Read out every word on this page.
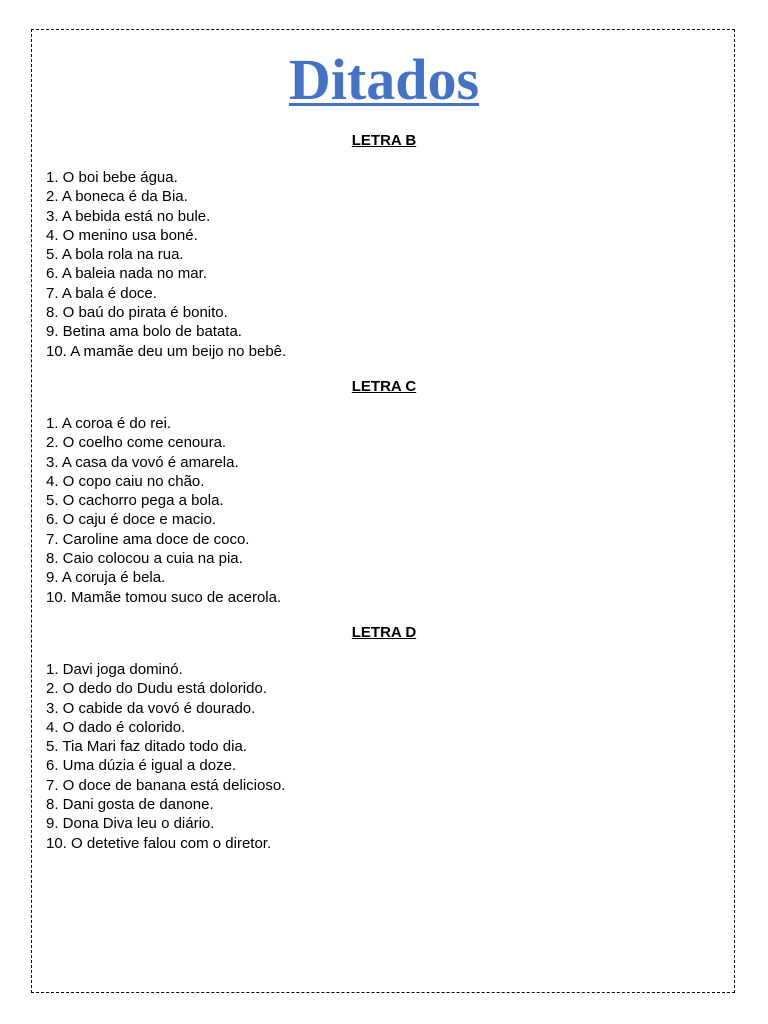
Ditados
LETRA B
1. O boi bebe água.
2. A boneca é da Bia.
3. A bebida está no bule.
4. O menino usa boné.
5. A bola rola na rua.
6. A baleia nada no mar.
7. A bala é doce.
8. O baú do pirata é bonito.
9. Betina ama bolo de batata.
10. A mamãe deu um beijo no bebê.
LETRA C
1. A coroa é do rei.
2. O coelho come cenoura.
3. A casa da vovó é amarela.
4. O copo caiu no chão.
5. O cachorro pega a bola.
6. O caju é doce e macio.
7. Caroline ama doce de coco.
8. Caio colocou a cuia na pia.
9. A coruja é bela.
10. Mamãe tomou suco de acerola.
LETRA D
1. Davi joga dominó.
2. O dedo do Dudu está dolorido.
3. O cabide da vovó é dourado.
4. O dado é colorido.
5. Tia Mari faz ditado todo dia.
6. Uma dúzia é igual a doze.
7. O doce de banana está delicioso.
8. Dani gosta de danone.
9. Dona Diva leu o diário.
10. O detetive falou com o diretor.
